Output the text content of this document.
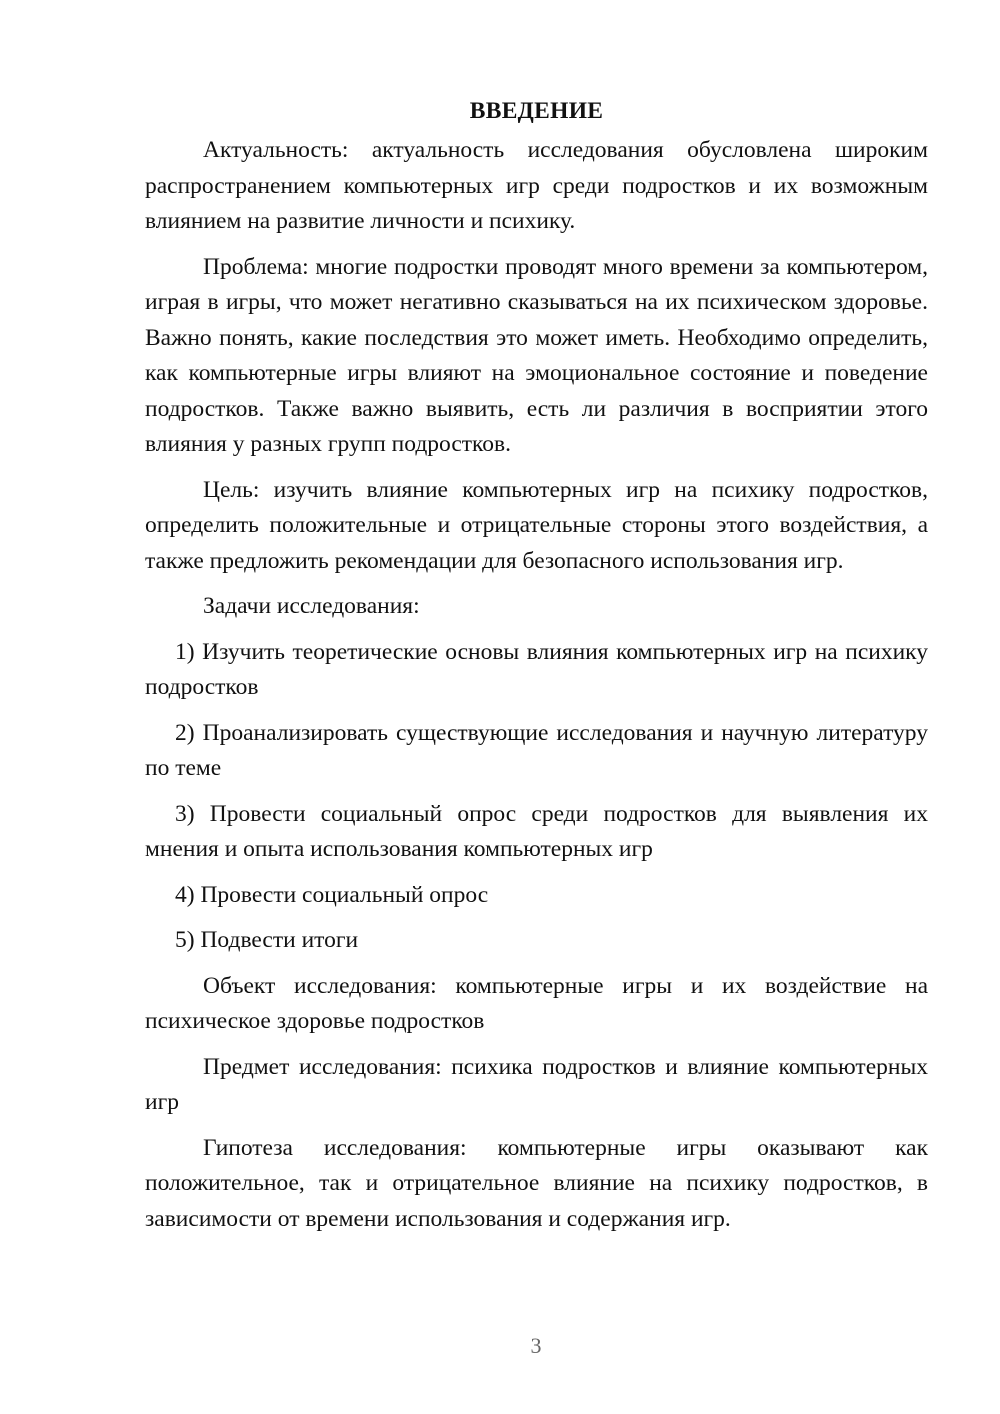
ВВЕДЕНИЕ

Актуальность: актуальность исследования обусловлена широким распространением компьютерных игр среди подростков и их возможным влиянием на развитие личности и психику.

Проблема: многие подростки проводят много времени за компьютером, играя в игры, что может негативно сказываться на их психическом здоровье. Важно понять, какие последствия это может иметь. Необходимо определить, как компьютерные игры влияют на эмоциональное состояние и поведение подростков. Также важно выявить, есть ли различия в восприятии этого влияния у разных групп подростков.

Цель: изучить влияние компьютерных игр на психику подростков, определить положительные и отрицательные стороны этого воздействия, а также предложить рекомендации для безопасного использования игр.

Задачи исследования:

1) Изучить теоретические основы влияния компьютерных игр на психику подростков

2) Проанализировать существующие исследования и научную литературу по теме

3) Провести социальный опрос среди подростков для выявления их мнения и опыта использования компьютерных игр

4) Провести социальный опрос

5) Подвести итоги

Объект исследования: компьютерные игры и их воздействие на психическое здоровье подростков

Предмет исследования: психика подростков и влияние компьютерных игр

Гипотеза исследования: компьютерные игры оказывают как положительное, так и отрицательное влияние на психику подростков, в зависимости от времени использования и содержания игр.

3
